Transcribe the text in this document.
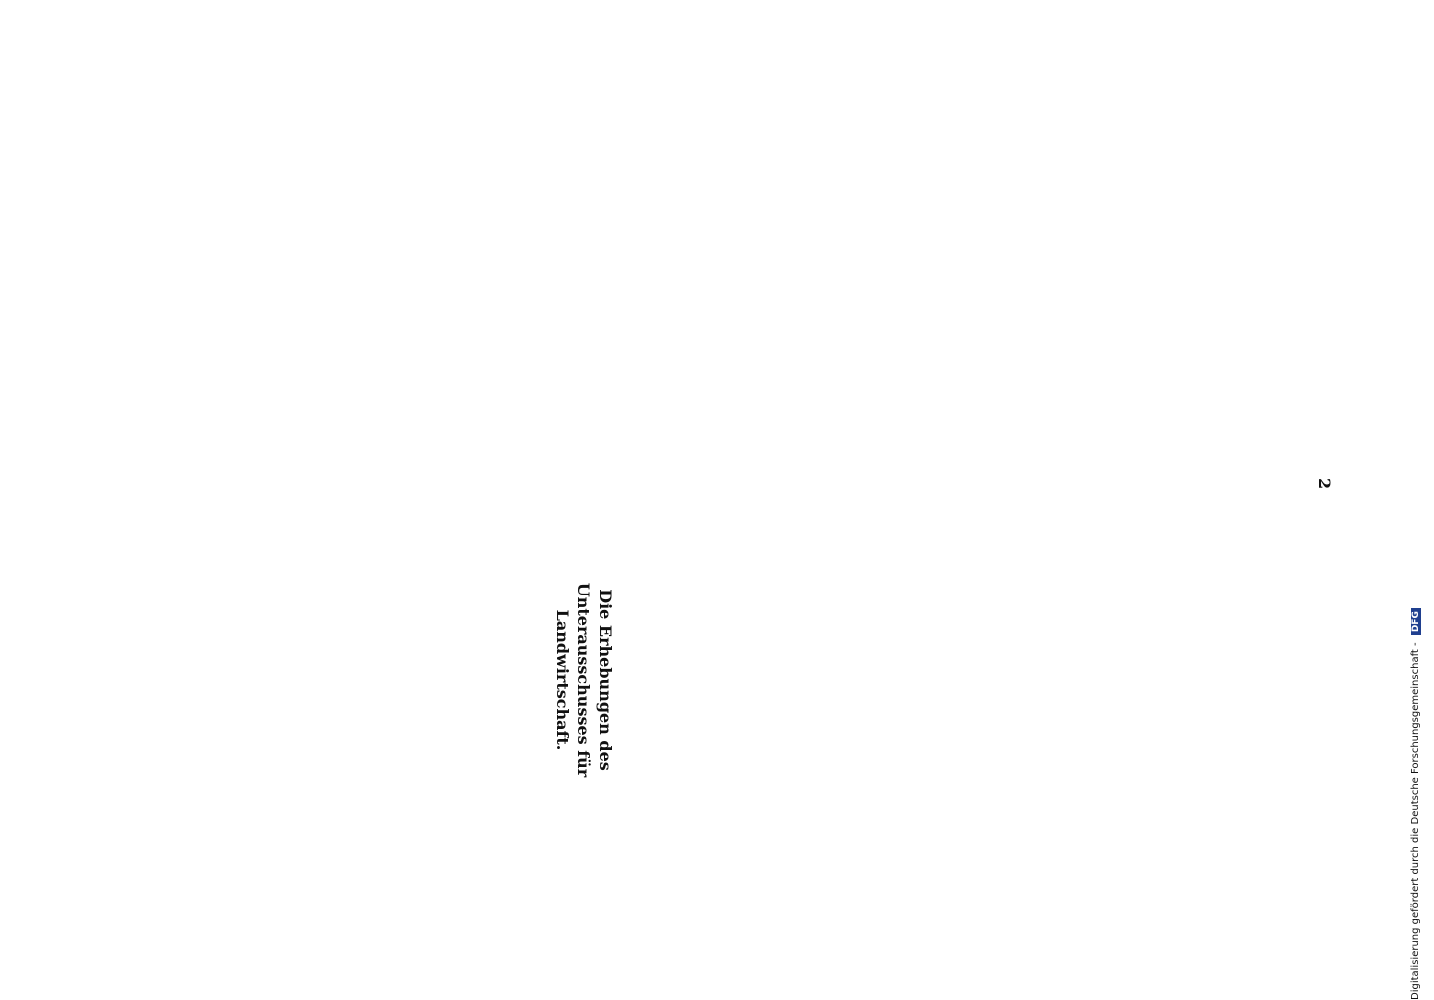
2
Die Erhebungen des Unterausschusses für Landwirtschaft.	Digitalisierung gefördert durch die Deutsche Forschungsgemeinschaft - DFG
